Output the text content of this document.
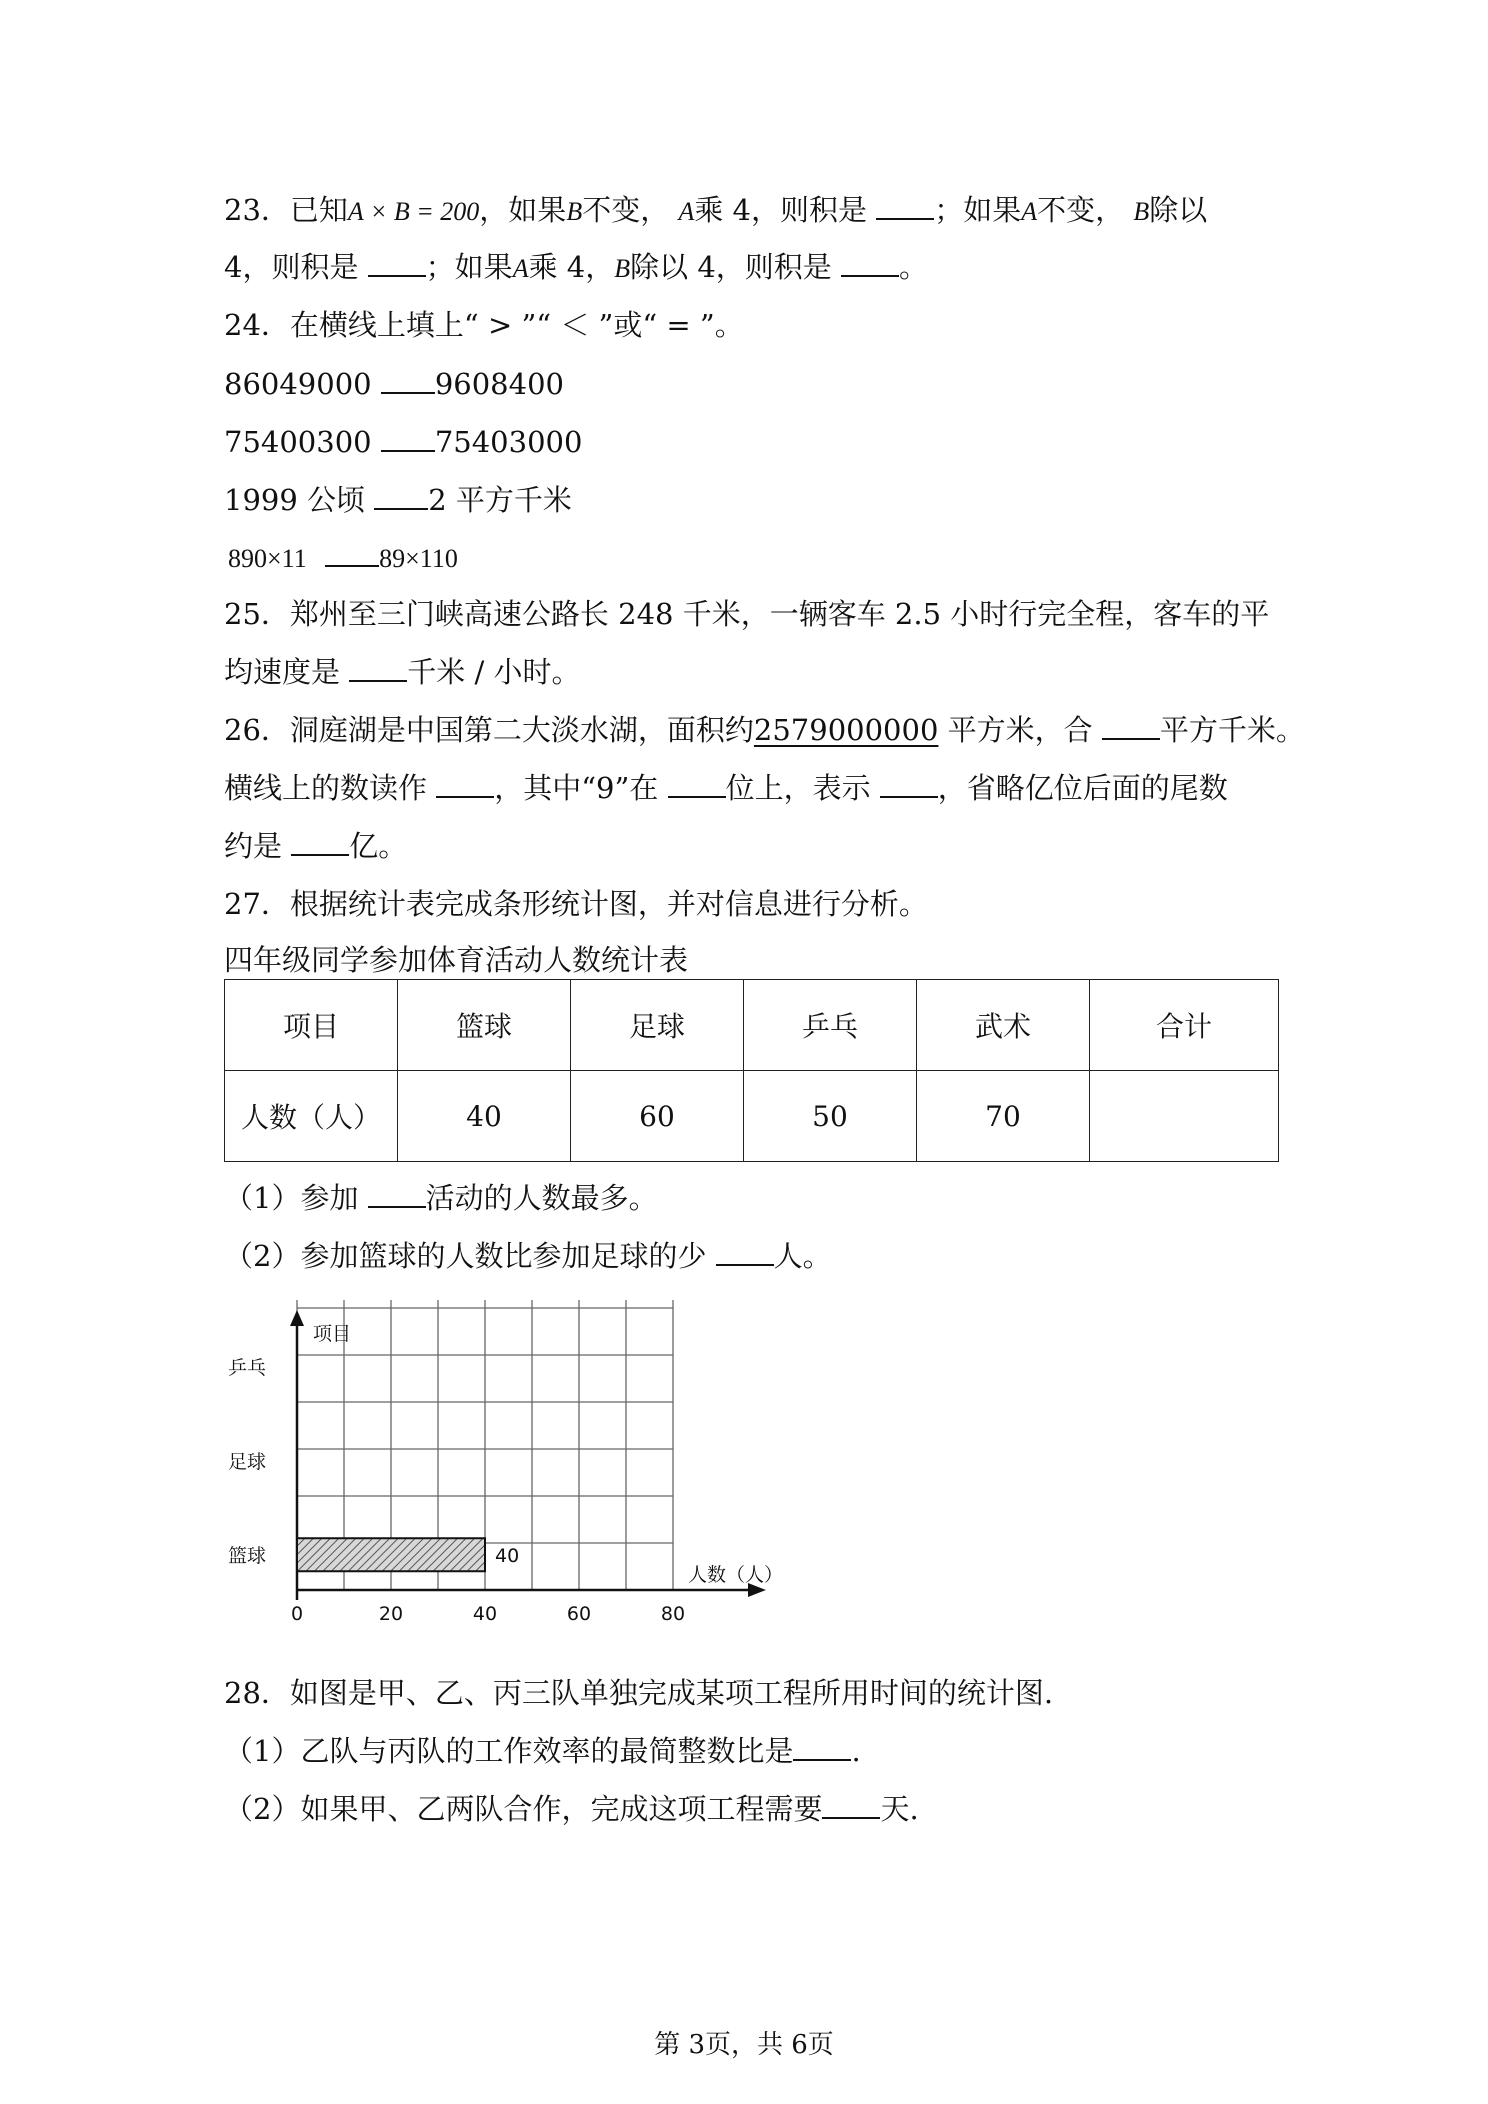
23．已知A × B = 200，如果B不变， A乘 4，则积是 ；如果A不变， B除以
4，则积是 ；如果A乘 4，B除以 4，则积是 。
24．在横线上填上“ > ”“ ＜ ”或“ = ”。
86049000 9608400
75400300 75403000
1999 公顷 2 平方千米
890×11	89×110
25．郑州至三门峡高速公路长 248 千米，一辆客车 2.5 小时行完全程，客车的平
均速度是 千米 / 小时。
26．洞庭湖是中国第二大淡水湖，面积约2579000000 平方米，合 平方千米。
横线上的数读作 ，其中“9”在 位上，表示 ，省略亿位后面的尾数
约是 亿。
27．根据统计表完成条形统计图，并对信息进行分析。
四年级同学参加体育活动人数统计表
项目	篮球	足球	乒乓	武术	合计
人数（人）	40	60	50	70	
（1）参加 活动的人数最多。
（2）参加篮球的人数比参加足球的少 人。
项目
人数（人）
篮球
足球
乒乓
40
0	20	40	60	80
28．如图是甲、乙、丙三队单独完成某项工程所用时间的统计图.
（1）乙队与丙队的工作效率的最简整数比是 .
（2）如果甲、乙两队合作，完成这项工程需要 天.
第 3页，共 6页
